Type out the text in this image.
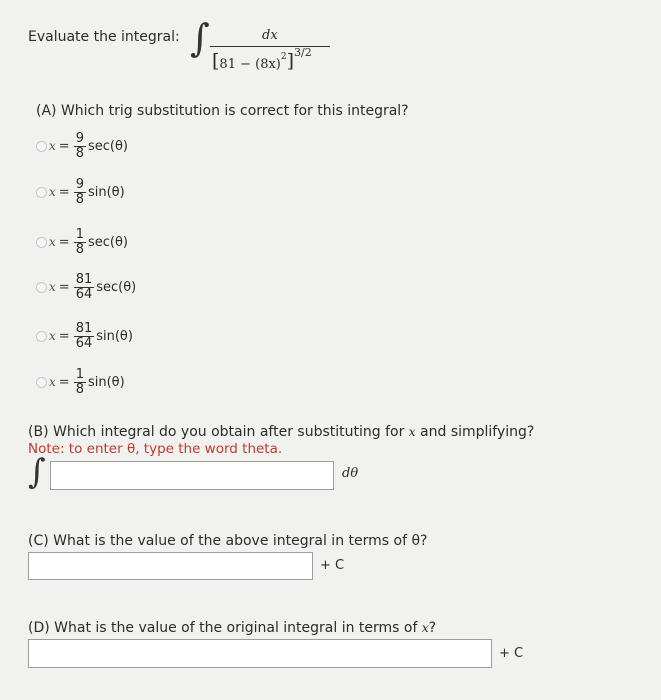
Evaluate the integral: ∫	dx
[ 81 − (8x) 2 ] 3/2
(A) Which trig substitution is correct for this integral?
$x = \frac{9}{8} \sec(\theta)$
$x = \frac{9}{8} \sin(\theta)$
$x = \frac{1}{8} \sec(\theta)$
$x = \frac{81}{64} \sec(\theta)$
$x = \frac{81}{64} \sin(\theta)$
$x = \frac{1}{8} \sin(\theta)$
(B) Which integral do you obtain after substituting for x and simplifying?
Note: to enter θ, type the word theta.
∫	dθ
(C) What is the value of the above integral in terms of θ?
+ C
(D) What is the value of the original integral in terms of x?
+ C
